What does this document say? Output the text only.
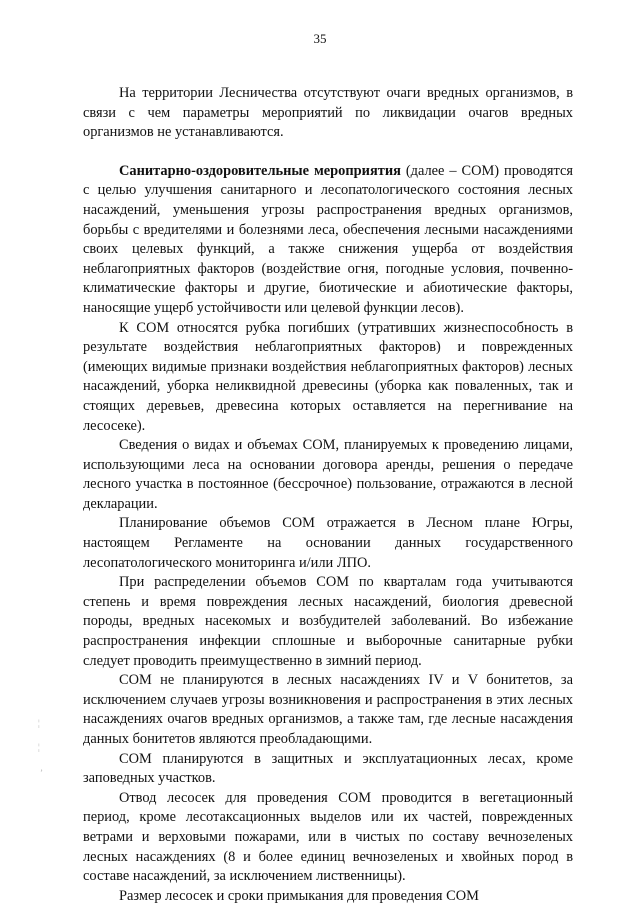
35

На территории Лесничества отсутствуют очаги вредных организмов, в связи с чем параметры мероприятий по ликвидации очагов вредных организмов не устанавливаются.

Санитарно-оздоровительные мероприятия (далее – СОМ) проводятся с целью улучшения санитарного и лесопатологического состояния лесных насаждений, уменьшения угрозы распространения вредных организмов, борьбы с вредителями и болезнями леса, обеспечения лесными насаждениями своих целевых функций, а также снижения ущерба от воздействия неблагоприятных факторов (воздействие огня, погодные условия, почвенно-климатические факторы и другие, биотические и абиотические факторы, наносящие ущерб устойчивости или целевой функции лесов).

К СОМ относятся рубка погибших (утративших жизнеспособность в результате воздействия неблагоприятных факторов) и поврежденных (имеющих видимые признаки воздействия неблагоприятных факторов) лесных насаждений, уборка неликвидной древесины (уборка как поваленных, так и стоящих деревьев, древесина которых оставляется на перегнивание на лесосеке).

Сведения о видах и объемах СОМ, планируемых к проведению лицами, использующими леса на основании договора аренды, решения о передаче лесного участка в постоянное (бессрочное) пользование, отражаются в лесной декларации.

Планирование объемов СОМ отражается в Лесном плане Югры, настоящем Регламенте на основании данных государственного лесопатологического мониторинга и/или ЛПО.

При распределении объемов СОМ по кварталам года учитываются степень и время повреждения лесных насаждений, биология древесной породы, вредных насекомых и возбудителей заболеваний. Во избежание распространения инфекции сплошные и выборочные санитарные рубки следует проводить преимущественно в зимний период.

СОМ не планируются в лесных насаждениях IV и V бонитетов, за исключением случаев угрозы возникновения и распространения в этих лесных насаждениях очагов вредных организмов, а также там, где лесные насаждения данных бонитетов являются преобладающими.

СОМ планируются в защитных и эксплуатационных лесах, кроме заповедных участков.

Отвод лесосек для проведения СОМ проводится в вегетационный период, кроме лесотаксационных выделов или их частей, поврежденных ветрами и верховыми пожарами, или в чистых по составу вечнозеленых лесных насаждениях (8 и более единиц вечнозеленых и хвойных пород в составе насаждений, за исключением лиственницы).

Размер лесосек и сроки примыкания для проведения СОМ

¦
¦
ʼ
